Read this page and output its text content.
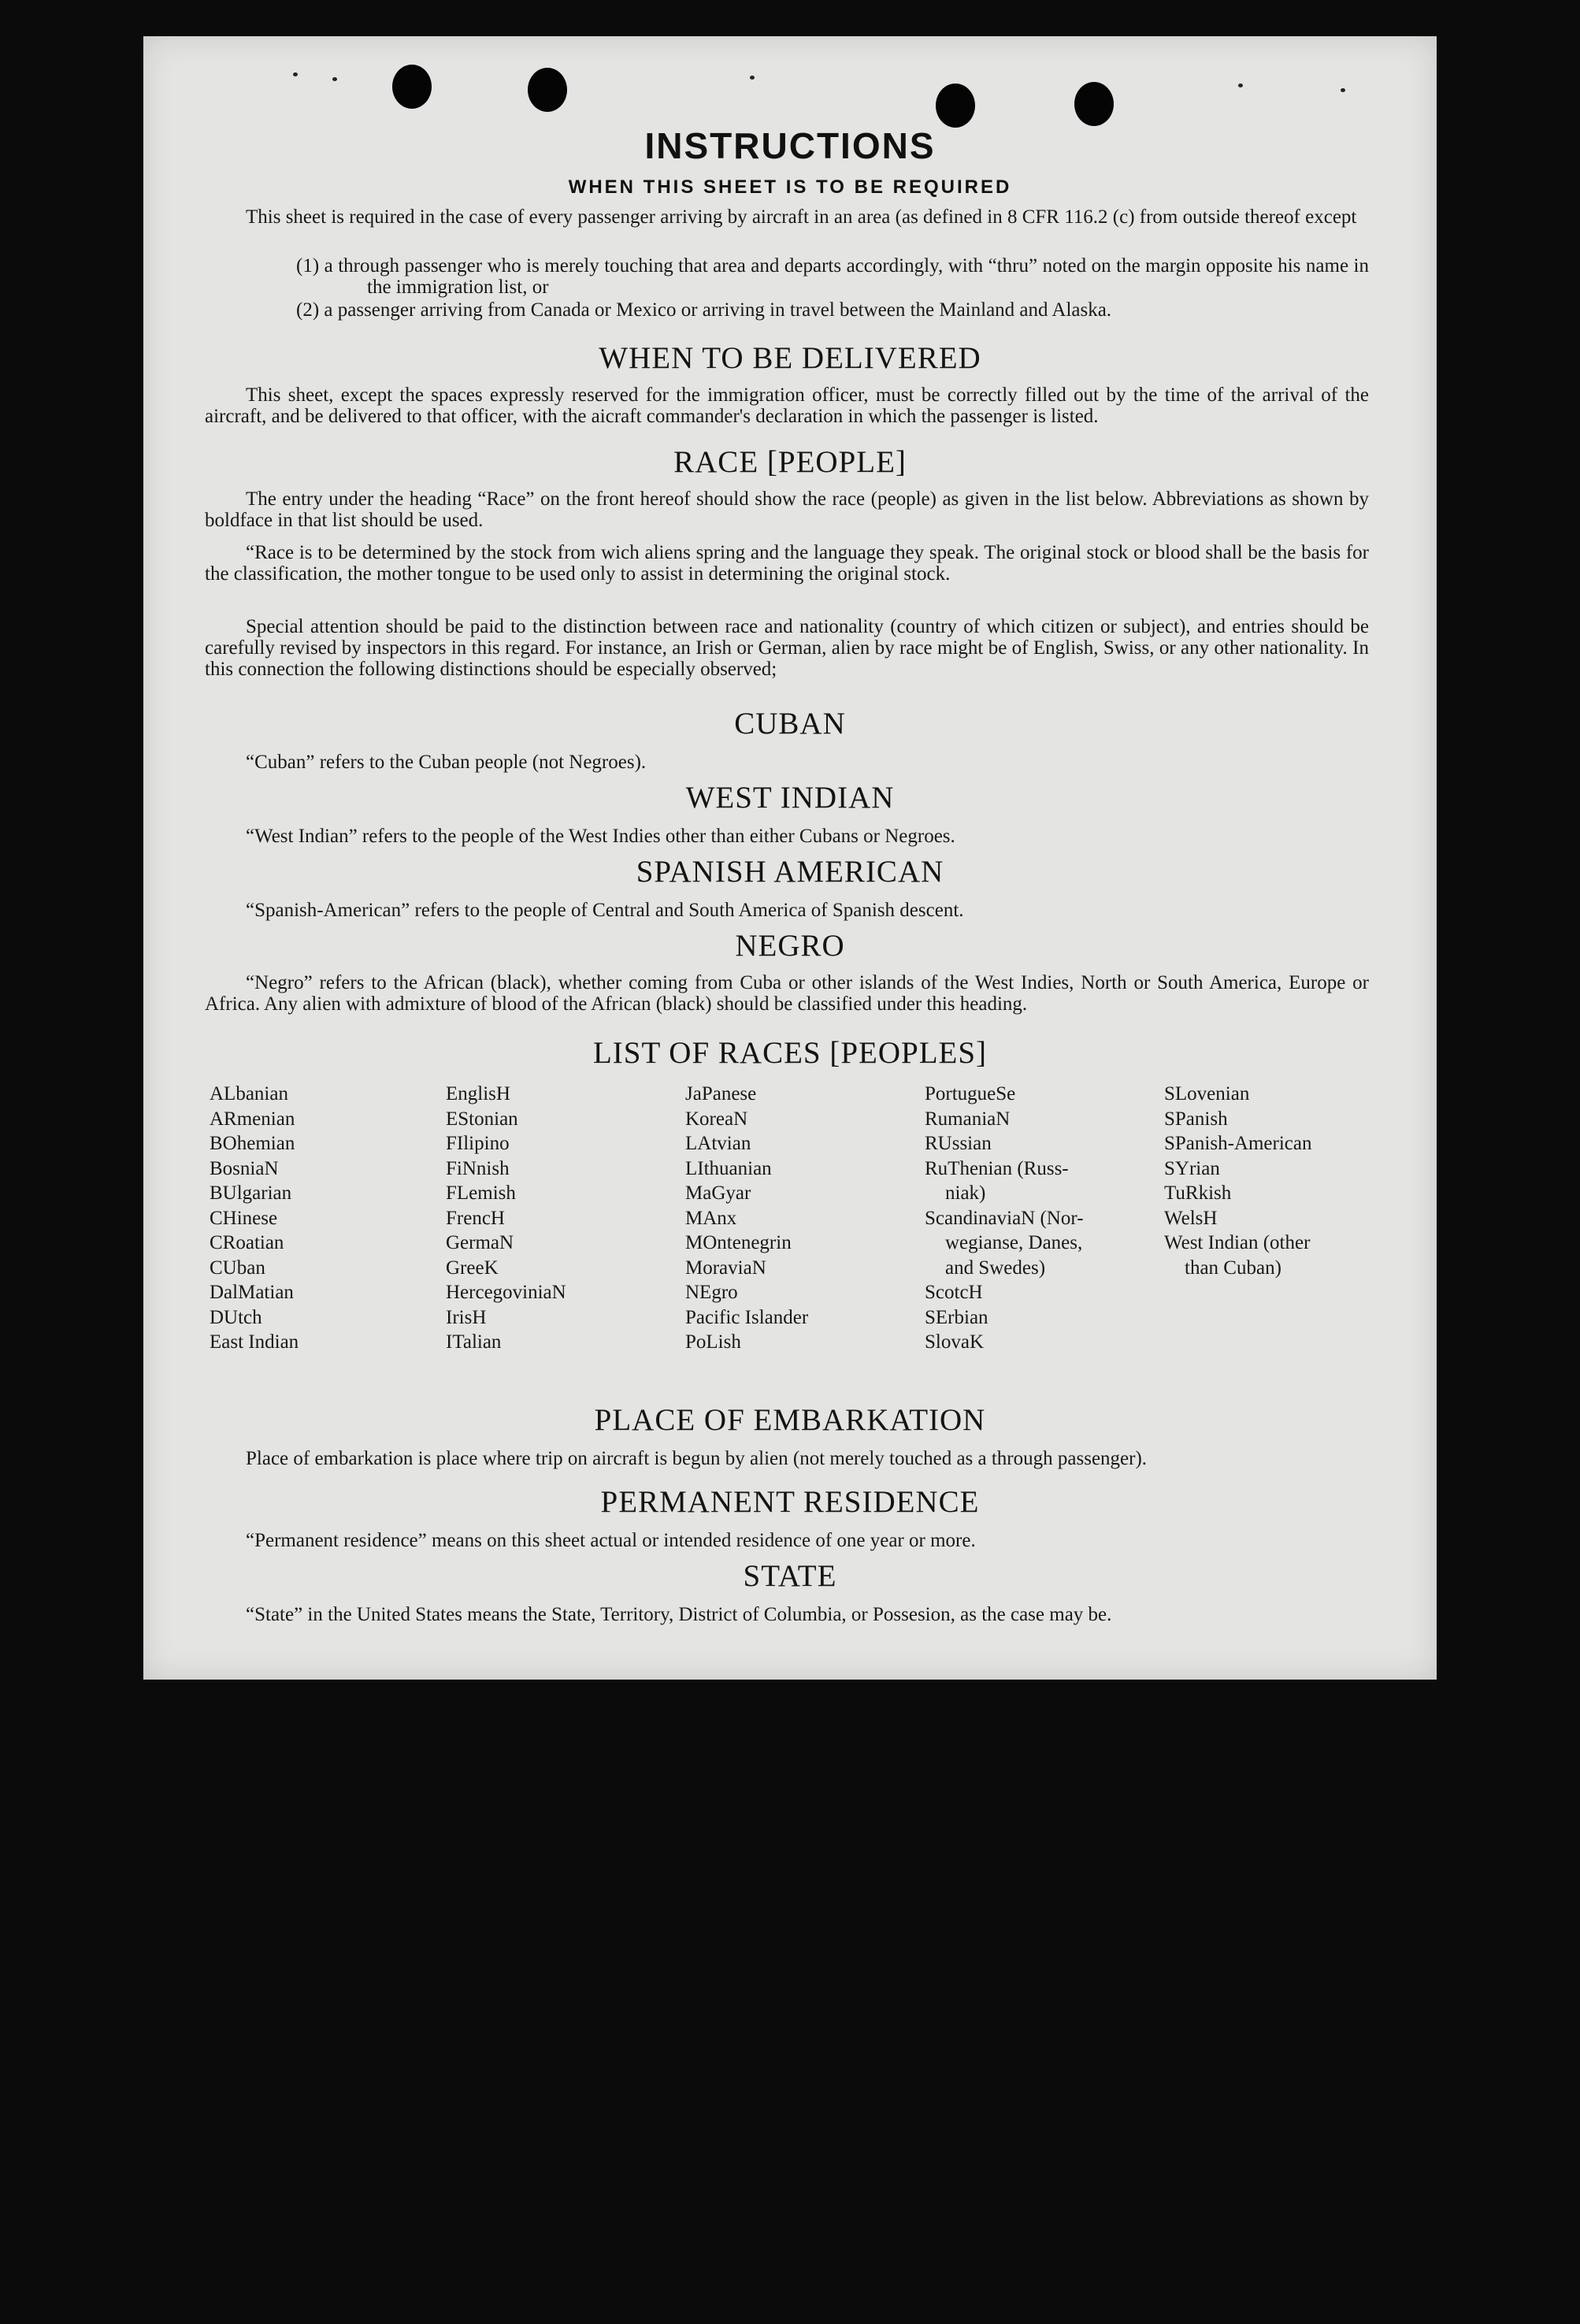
INSTRUCTIONS
WHEN THIS SHEET IS TO BE REQUIRED
This sheet is required in the case of every passenger arriving by aircraft in an area (as defined in 8 CFR 116.2 (c) from outside thereof except
(1) a through passenger who is merely touching that area and departs accordingly, with “thru” noted on the margin opposite his name in the immigration list, or
(2) a passenger arriving from Canada or Mexico or arriving in travel between the Mainland and Alaska.
WHEN TO BE DELIVERED
This sheet, except the spaces expressly reserved for the immigration officer, must be correctly filled out by the time of the arrival of the aircraft, and be delivered to that officer, with the aicraft commander's declaration in which the passenger is listed.
RACE [PEOPLE]
The entry under the heading “Race” on the front hereof should show the race (people) as given in the list below. Abbreviations as shown by boldface in that list should be used.
“Race is to be determined by the stock from wich aliens spring and the language they speak. The original stock or blood shall be the basis for the classification, the mother tongue to be used only to assist in determining the original stock.
Special attention should be paid to the distinction between race and nationality (country of which citizen or subject), and entries should be carefully revised by inspectors in this regard. For instance, an Irish or German, alien by race might be of English, Swiss, or any other nationality. In this connection the following distinctions should be especially observed;
CUBAN
“Cuban” refers to the Cuban people (not Negroes).
WEST INDIAN
“West Indian” refers to the people of the West Indies other than either Cubans or Negroes.
SPANISH AMERICAN
“Spanish-American” refers to the people of Central and South America of Spanish descent.
NEGRO
“Negro” refers to the African (black), whether coming from Cuba or other islands of the West Indies, North or South America, Europe or Africa. Any alien with admixture of blood of the African (black) should be classified under this heading.
LIST OF RACES [PEOPLES]
ALbanian
ARmenian
BOhemian
BosniaN
BUlgarian
CHinese
CRoatian
CUban
DalMatian
DUtch
East Indian
EnglisH
EStonian
FIlipino
FiNnish
FLemish
FrencH
GermaN
GreeK
HercegoviniaN
IrisH
ITalian
JaPanese
KoreaN
LAtvian
LIthuanian
MaGyar
MAnx
MOntenegrin
MoraviaN
NEgro
Pacific Islander
PoLish
PortugueSe
RumaniaN
RUssian
RuThenian (Russ-
niak)
ScandinaviaN (Nor-
wegianse, Danes,
and Swedes)
ScotcH
SErbian
SlovaK
SLovenian
SPanish
SPanish-American
SYrian
TuRkish
WelsH
West Indian (other
than Cuban)
PLACE OF EMBARKATION
Place of embarkation is place where trip on aircraft is begun by alien (not merely touched as a through passenger).
PERMANENT RESIDENCE
“Permanent residence” means on this sheet actual or intended residence of one year or more.
STATE
“State” in the United States means the State, Territory, District of Columbia, or Possesion, as the case may be.
